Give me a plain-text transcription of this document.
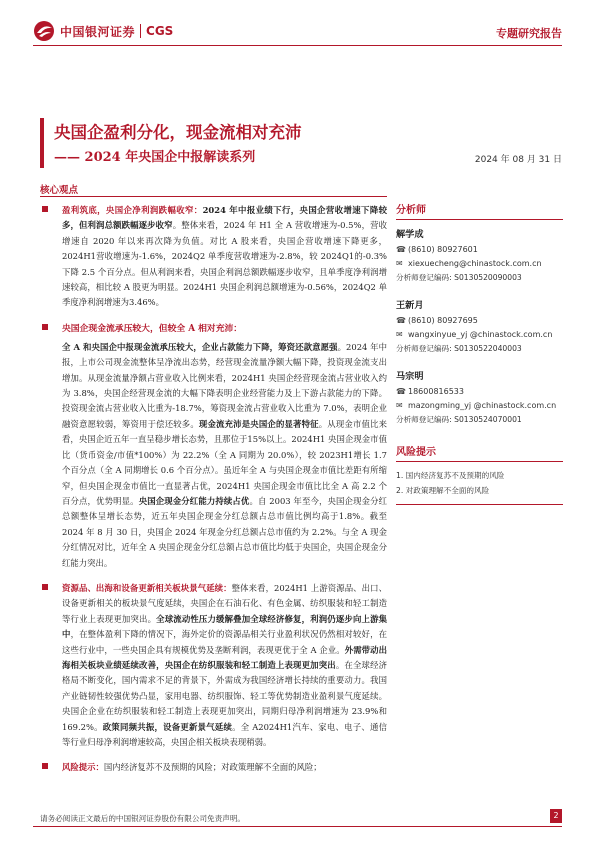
中国银河证券 CGS	专题研究报告
央国企盈利分化，现金流相对充沛
—— 2024 年央国企中报解读系列	2024 年 08 月 31 日
核心观点

盈利筑底，央国企净利润跌幅收窄：2024 年中报业绩下行，央国企营收增速下降较多，但利润总额跌幅逐步收窄。整体来看，2024 年 H1 全 A 营收增速为-0.5%，营收增速自 2020 年以来再次降为负值。对比 A 股来看，央国企营收增速下降更多，2024H1营收增速为-1.6%，2024Q2 单季度营收增速为-2.8%，较 2024Q1的-0.3%下降 2.5 个百分点。但从利润来看，央国企利润总额跌幅逐步收窄，且单季度净利润增速较高，相比较 A 股更为明显。2024H1 央国企利润总额增速为-0.56%，2024Q2 单季度净利润增速为3.46%。

央国企现金流承压较大，但较全 A 相对充沛：

全 A 和央国企中报现金流承压较大，企业占款能力下降，筹资还款意愿强。2024 年中报，上市公司现金流整体呈净流出态势，经营现金流量净额大幅下降，投资现金流支出增加。从现金流量净额占营业收入比例来看，2024H1 央国企经营现金流占营业收入约为 3.8%，央国企经营现金流的大幅下降表明企业经营能力及上下游占款能力的下降。投资现金流占营业收入比重为-18.7%，筹资现金流占营业收入比重为 7.0%，表明企业融资意愿较弱，筹资用于偿还较多。现金流充沛是央国企的显著特征。从现金市值比来看，央国企近五年一直呈稳步增长态势，且那位于15%以上。2024H1 央国企现金市值比（货币资金/市值*100%）为 22.2%（全 A 同期为 20.0%），较 2023H1增长 1.7 个百分点（全 A 同期增长 0.6 个百分点）。虽近年全 A 与央国企现金市值比差距有所缩窄，但央国企现金市值比一直显著占优，2024H1 央国企现金市值比比全 A 高 2.2 个百分点，优势明显。央国企现金分红能力持续占优。自 2003 年至今，央国企现金分红总额整体呈增长态势，近五年央国企现金分红总额占总市值比例均高于1.8%。截至 2024 年 8 月 30 日，央国企 2024 年现金分红总额占总市值约为 2.2%。与全 A 现金分红情况对比，近年全 A 央国企现金分红总额占总市值比均低于央国企，央国企现金分红能力突出。

资源品、出海和设备更新相关板块景气延续：整体来看，2024H1 上游资源品、出口、设备更新相关的板块景气度延续，央国企在石油石化、有色金属、纺织服装和轻工制造等行业上表现更加突出。全球流动性压力缓解叠加全球经济修复，利润仍逐步向上游集中，在整体盈利下降的情况下，海外定价的资源品相关行业盈利状况仍然相对较好，在这些行业中，一些央国企具有规模优势及垄断利润，表现更优于全 A 企业。外需带动出海相关板块业绩延续改善，央国企在纺织服装和轻工制造上表现更加突出。在全球经济格局不断变化，国内需求不足的背景下，外需成为我国经济增长持续的重要动力。我国产业链韧性较强优势凸显，家用电器、纺织服饰、轻工等优势制造业盈利景气度延续。央国企企业在纺织服装和轻工制造上表现更加突出，同期归母净利润增速为 23.9%和 169.2%。政策同频共振，设备更新景气延续。全 A2024H1汽车、家电、电子、通信等行业归母净利润增速较高，央国企相关板块表现稍弱。

风险提示：国内经济复苏不及预期的风险；对政策理解不全面的风险；

分析师
解学成
☎ (8610) 80927601
✉ xiexuecheng@chinastock.com.cn
分析师登记编码: S0130520090003
王新月
☎ (8610) 80927695
✉ wangxinyue_yj @chinastock.com.cn
分析师登记编码: S0130522040003
马宗明
☎ 18600816533
✉ mazongming_yj @chinastock.com.cn
分析师登记编码: S0130524070001
风险提示
1. 国内经济复苏不及预期的风险
2. 对政策理解不全面的风险
请务必阅读正文最后的中国银河证券股份有限公司免责声明。	2
